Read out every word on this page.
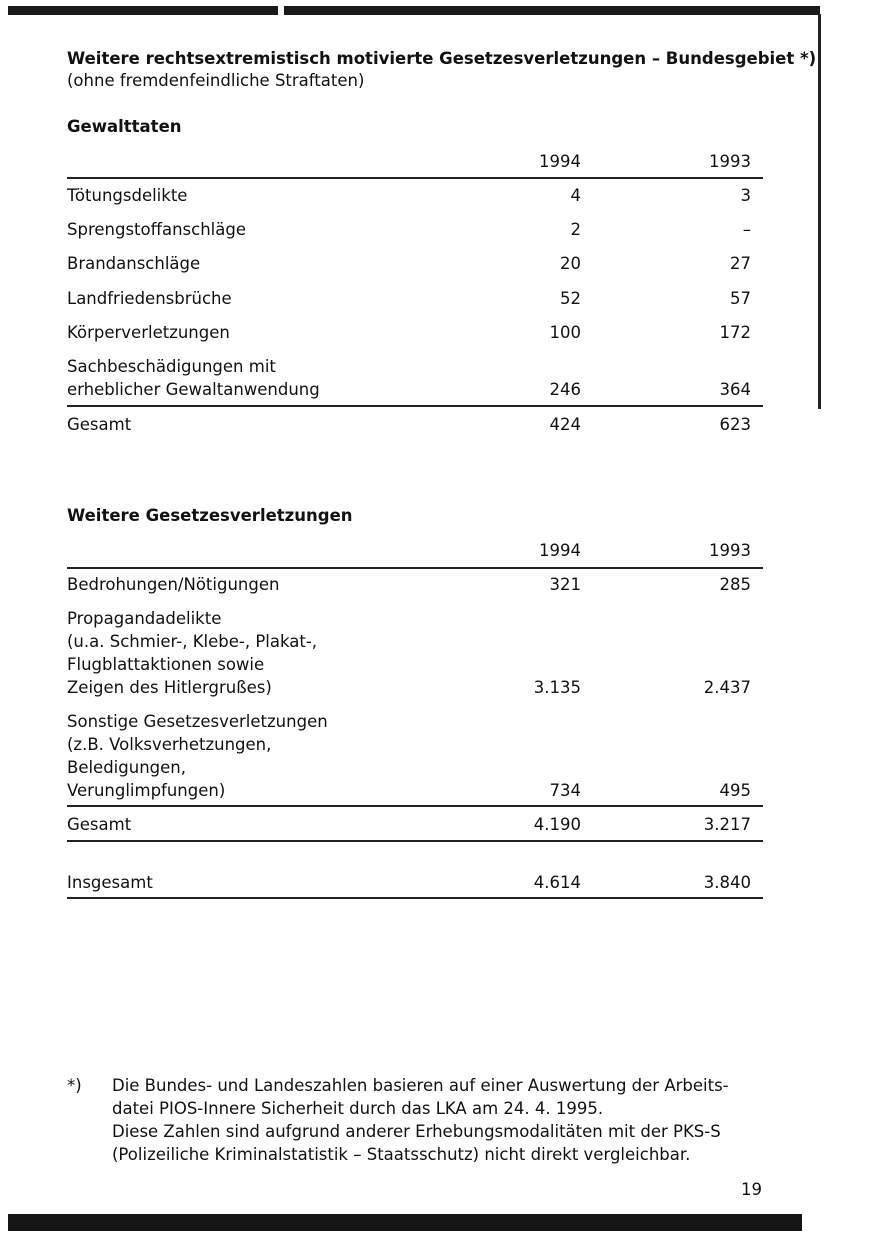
Weitere rechtsextremistisch motivierte Gesetzesverletzungen – Bundesgebiet *)
(ohne fremdenfeindliche Straftaten)
Gewalttaten
1994	1993
Tötungsdelikte	4	3
Sprengstoffanschläge	2	–
Brandanschläge	20	27
Landfriedensbrüche	52	57
Körperverletzungen	100	172
Sachbeschädigungen mit
erheblicher Gewaltanwendung	246	364
Gesamt	424	623
Weitere Gesetzesverletzungen
1994	1993
Bedrohungen/Nötigungen	321	285
Propagandadelikte
(u.a. Schmier-, Klebe-, Plakat-,
Flugblattaktionen sowie
Zeigen des Hitlergrußes)	3.135	2.437
Sonstige Gesetzesverletzungen
(z.B. Volksverhetzungen,
Beledigungen,
Verunglimpfungen)	734	495
Gesamt	4.190	3.217
Insgesamt	4.614	3.840
*) Die Bundes- und Landeszahlen basieren auf einer Auswertung der Arbeits-
datei PIOS-Innere Sicherheit durch das LKA am 24. 4. 1995.
Diese Zahlen sind aufgrund anderer Erhebungsmodalitäten mit der PKS-S
(Polizeiliche Kriminalstatistik – Staatsschutz) nicht direkt vergleichbar.
19
